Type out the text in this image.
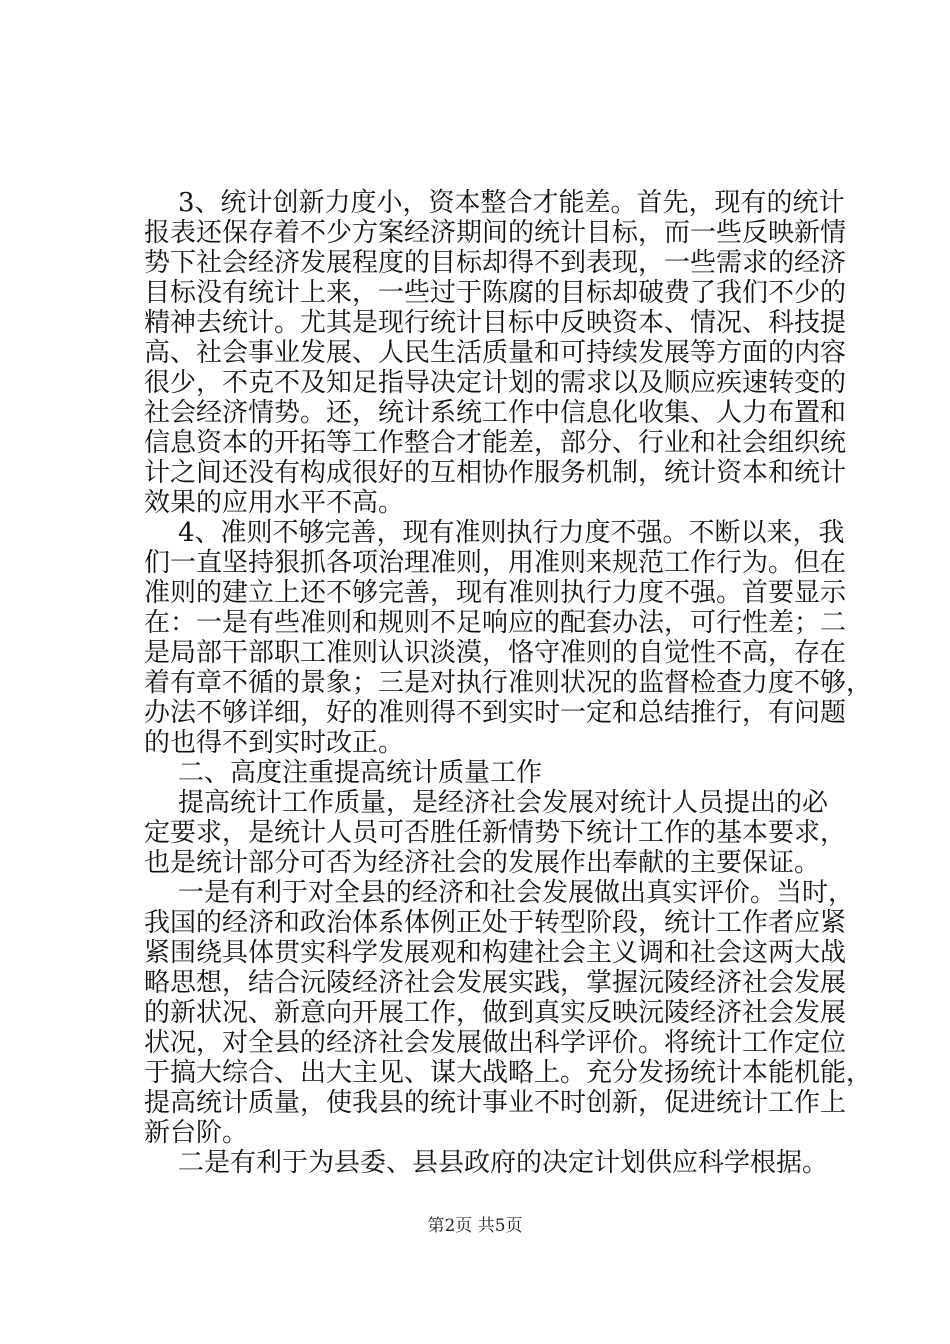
3、统计创新力度小，资本整合才能差。首先，现有的统计
报表还保存着不少方案经济期间的统计目标，而一些反映新情
势下社会经济发展程度的目标却得不到表现，一些需求的经济
目标没有统计上来，一些过于陈腐的目标却破费了我们不少的
精神去统计。尤其是现行统计目标中反映资本、情况、科技提
高、社会事业发展、人民生活质量和可持续发展等方面的内容
很少，不克不及知足指导决定计划的需求以及顺应疾速转变的
社会经济情势。还，统计系统工作中信息化收集、人力布置和
信息资本的开拓等工作整合才能差，部分、行业和社会组织统
计之间还没有构成很好的互相协作服务机制，统计资本和统计
效果的应用水平不高。
4、准则不够完善，现有准则执行力度不强。不断以来，我
们一直坚持狠抓各项治理准则，用准则来规范工作行为。但在
准则的建立上还不够完善，现有准则执行力度不强。首要显示
在：一是有些准则和规则不足响应的配套办法，可行性差；二
是局部干部职工准则认识淡漠，恪守准则的自觉性不高，存在
着有章不循的景象；三是对执行准则状况的监督检查力度不够，
办法不够详细，好的准则得不到实时一定和总结推行，有问题
的也得不到实时改正。
二、高度注重提高统计质量工作
提高统计工作质量，是经济社会发展对统计人员提出的必
定要求，是统计人员可否胜任新情势下统计工作的基本要求，
也是统计部分可否为经济社会的发展作出奉献的主要保证。
一是有利于对全县的经济和社会发展做出真实评价。当时，
我国的经济和政治体系体例正处于转型阶段，统计工作者应紧
紧围绕具体贯实科学发展观和构建社会主义调和社会这两大战
略思想，结合沅陵经济社会发展实践，掌握沅陵经济社会发展
的新状况、新意向开展工作，做到真实反映沅陵经济社会发展
状况，对全县的经济社会发展做出科学评价。将统计工作定位
于搞大综合、出大主见、谋大战略上。充分发扬统计本能机能，
提高统计质量，使我县的统计事业不时创新，促进统计工作上
新台阶。
二是有利于为县委、县县政府的决定计划供应科学根据。
第2页 共5页
